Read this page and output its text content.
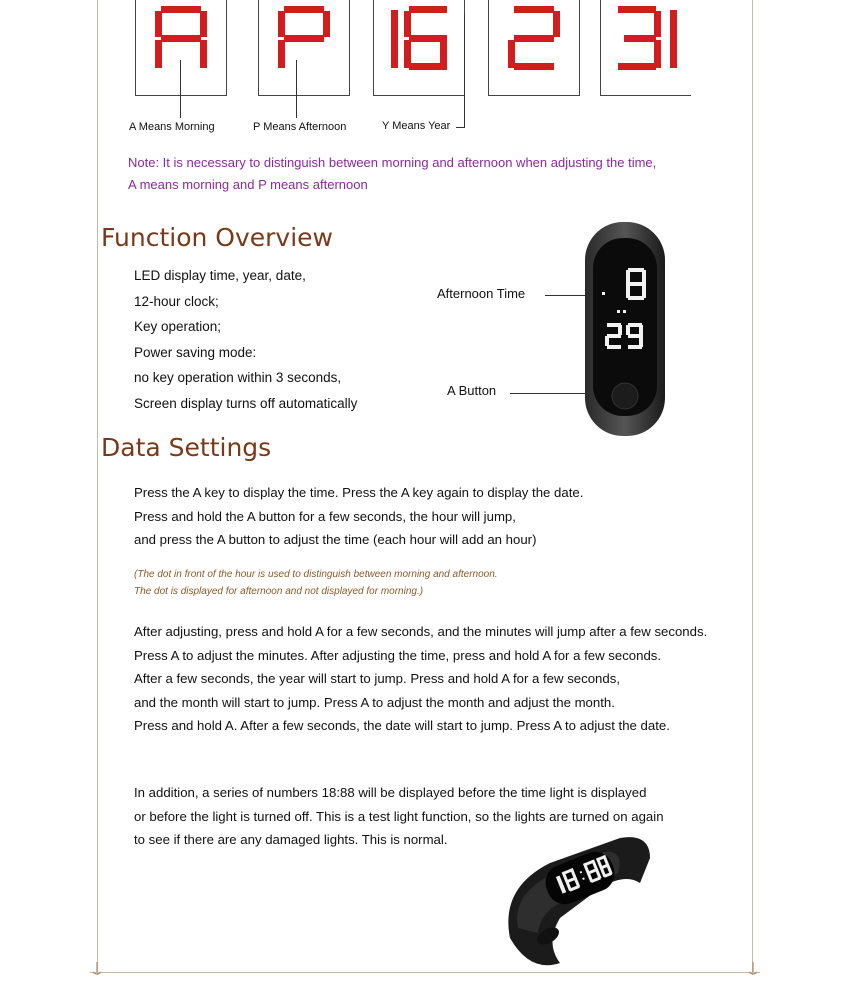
A Means Morning	P Means Afternoon	Y Means Year
Note: It is necessary to distinguish between morning and afternoon when adjusting the time,
A means morning and P means afternoon
Function Overview
LED display time, year, date,
12-hour clock;
Key operation;
Power saving mode:
no key operation within 3 seconds,
Screen display turns off automatically
Afternoon Time
A Button
Data Settings
Press the A key to display the time. Press the A key again to display the date.
Press and hold the A button for a few seconds, the hour will jump,
and press the A button to adjust the time (each hour will add an hour)
(The dot in front of the hour is used to distinguish between morning and afternoon.
The dot is displayed for afternoon and not displayed for morning.)
After adjusting, press and hold A for a few seconds, and the minutes will jump after a few seconds.
Press A to adjust the minutes. After adjusting the time, press and hold A for a few seconds.
After a few seconds, the year will start to jump. Press and hold A for a few seconds,
and the month will start to jump. Press A to adjust the month and adjust the month.
Press and hold A. After a few seconds, the date will start to jump. Press A to adjust the date.
In addition, a series of numbers 18:88 will be displayed before the time light is displayed
or before the light is turned off. This is a test light function, so the lights are turned on again
to see if there are any damaged lights. This is normal.
